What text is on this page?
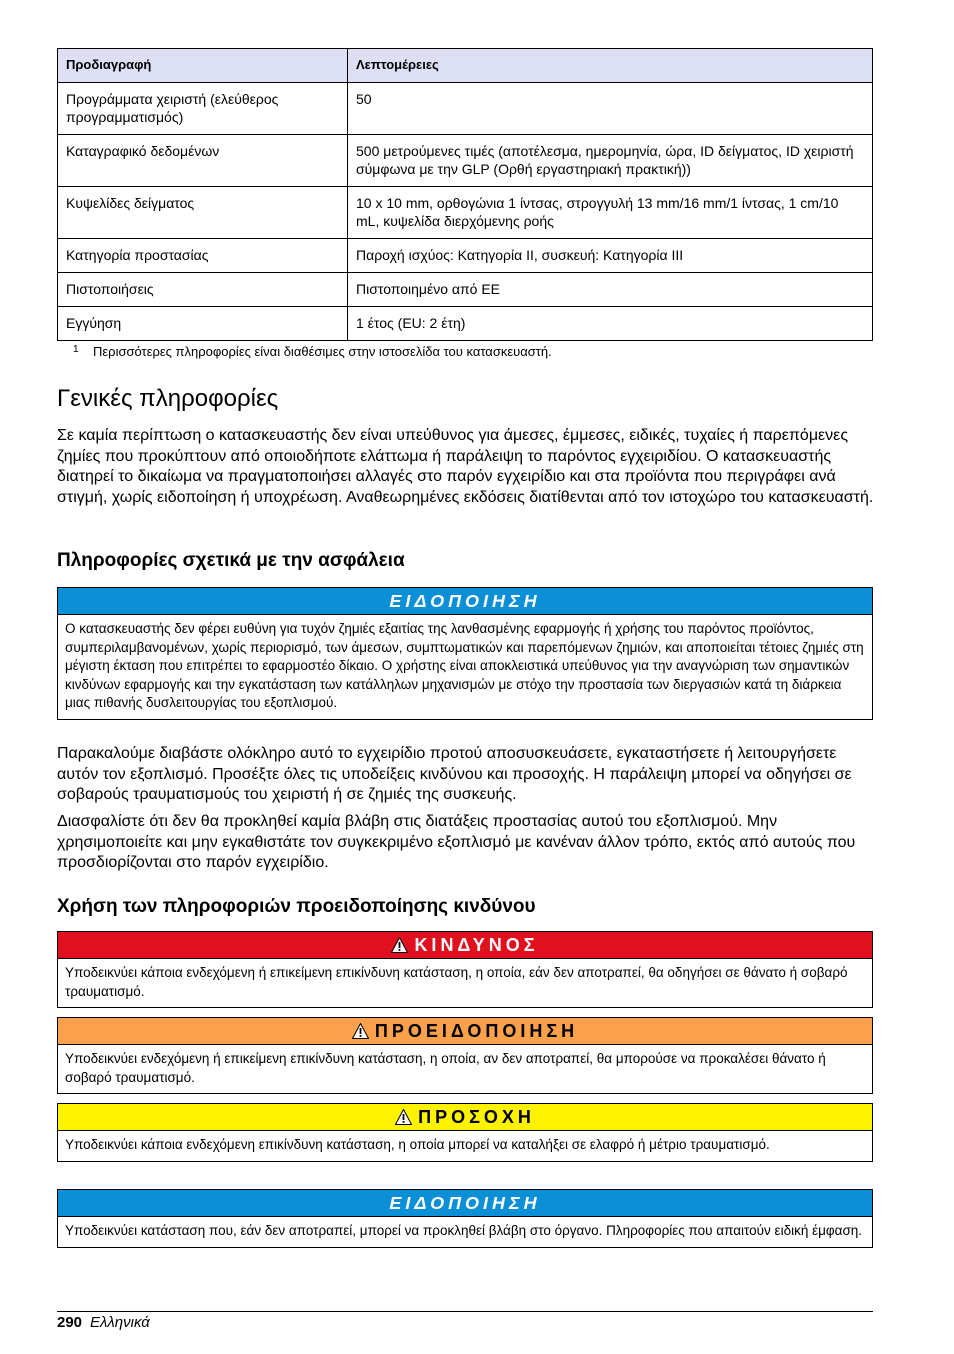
Προδιαγραφή	Λεπτομέρειες
Προγράμματα χειριστή (ελεύθερος προγραμματισμός)	50
Καταγραφικό δεδομένων	500 μετρούμενες τιμές (αποτέλεσμα, ημερομηνία, ώρα, ID δείγματος, ID χειριστή σύμφωνα με την GLP (Ορθή εργαστηριακή πρακτική))
Κυψελίδες δείγματος	10 x 10 mm, ορθογώνια 1 ίντσας, στρογγυλή 13 mm/16 mm/1 ίντσας, 1 cm/10 mL, κυψελίδα διερχόμενης ροής
Κατηγορία προστασίας	Παροχή ισχύος: Κατηγορία II, συσκευή: Κατηγορία III
Πιστοποιήσεις	Πιστοποιημένο από ΕΕ
Εγγύηση	1 έτος (EU: 2 έτη)
1 Περισσότερες πληροφορίες είναι διαθέσιμες στην ιστοσελίδα του κατασκευαστή.
Γενικές πληροφορίες
Σε καμία περίπτωση ο κατασκευαστής δεν είναι υπεύθυνος για άμεσες, έμμεσες, ειδικές, τυχαίες ή παρεπόμενες ζημίες που προκύπτουν από οποιοδήποτε ελάττωμα ή παράλειψη το παρόντος εγχειριδίου. Ο κατασκευαστής διατηρεί το δικαίωμα να πραγματοποιήσει αλλαγές στο παρόν εγχειρίδιο και στα προϊόντα που περιγράφει ανά στιγμή, χωρίς ειδοποίηση ή υποχρέωση. Αναθεωρημένες εκδόσεις διατίθενται από τον ιστοχώρο του κατασκευαστή.
Πληροφορίες σχετικά με την ασφάλεια
ΕΙΔΟΠΟΙΗΣΗ
Ο κατασκευαστής δεν φέρει ευθύνη για τυχόν ζημιές εξαιτίας της λανθασμένης εφαρμογής ή χρήσης του παρόντος προϊόντος, συμπεριλαμβανομένων, χωρίς περιορισμό, των άμεσων, συμπτωματικών και παρεπόμενων ζημιών, και αποποιείται τέτοιες ζημιές στη μέγιστη έκταση που επιτρέπει το εφαρμοστέο δίκαιο. Ο χρήστης είναι αποκλειστικά υπεύθυνος για την αναγνώριση των σημαντικών κινδύνων εφαρμογής και την εγκατάσταση των κατάλληλων μηχανισμών με στόχο την προστασία των διεργασιών κατά τη διάρκεια μιας πιθανής δυσλειτουργίας του εξοπλισμού.
Παρακαλούμε διαβάστε ολόκληρο αυτό το εγχειρίδιο προτού αποσυσκευάσετε, εγκαταστήσετε ή λειτουργήσετε αυτόν τον εξοπλισμό. Προσέξτε όλες τις υποδείξεις κινδύνου και προσοχής. Η παράλειψη μπορεί να οδηγήσει σε σοβαρούς τραυματισμούς του χειριστή ή σε ζημιές της συσκευής.
Διασφαλίστε ότι δεν θα προκληθεί καμία βλάβη στις διατάξεις προστασίας αυτού του εξοπλισμού. Μην χρησιμοποιείτε και μην εγκαθιστάτε τον συγκεκριμένο εξοπλισμό με κανέναν άλλον τρόπο, εκτός από αυτούς που προσδιορίζονται στο παρόν εγχειρίδιο.
Χρήση των πληροφοριών προειδοποίησης κινδύνου
ΚΙΝΔΥΝΟΣ
Υποδεικνύει κάποια ενδεχόμενη ή επικείμενη επικίνδυνη κατάσταση, η οποία, εάν δεν αποτραπεί, θα οδηγήσει σε θάνατο ή σοβαρό τραυματισμό.
ΠΡΟΕΙΔΟΠΟΙΗΣΗ
Υποδεικνύει ενδεχόμενη ή επικείμενη επικίνδυνη κατάσταση, η οποία, αν δεν αποτραπεί, θα μπορούσε να προκαλέσει θάνατο ή σοβαρό τραυματισμό.
ΠΡΟΣΟΧΗ
Υποδεικνύει κάποια ενδεχόμενη επικίνδυνη κατάσταση, η οποία μπορεί να καταλήξει σε ελαφρό ή μέτριο τραυματισμό.
ΕΙΔΟΠΟΙΗΣΗ
Υποδεικνύει κατάσταση που, εάν δεν αποτραπεί, μπορεί να προκληθεί βλάβη στο όργανο. Πληροφορίες που απαιτούν ειδική έμφαση.
290 Ελληνικά
